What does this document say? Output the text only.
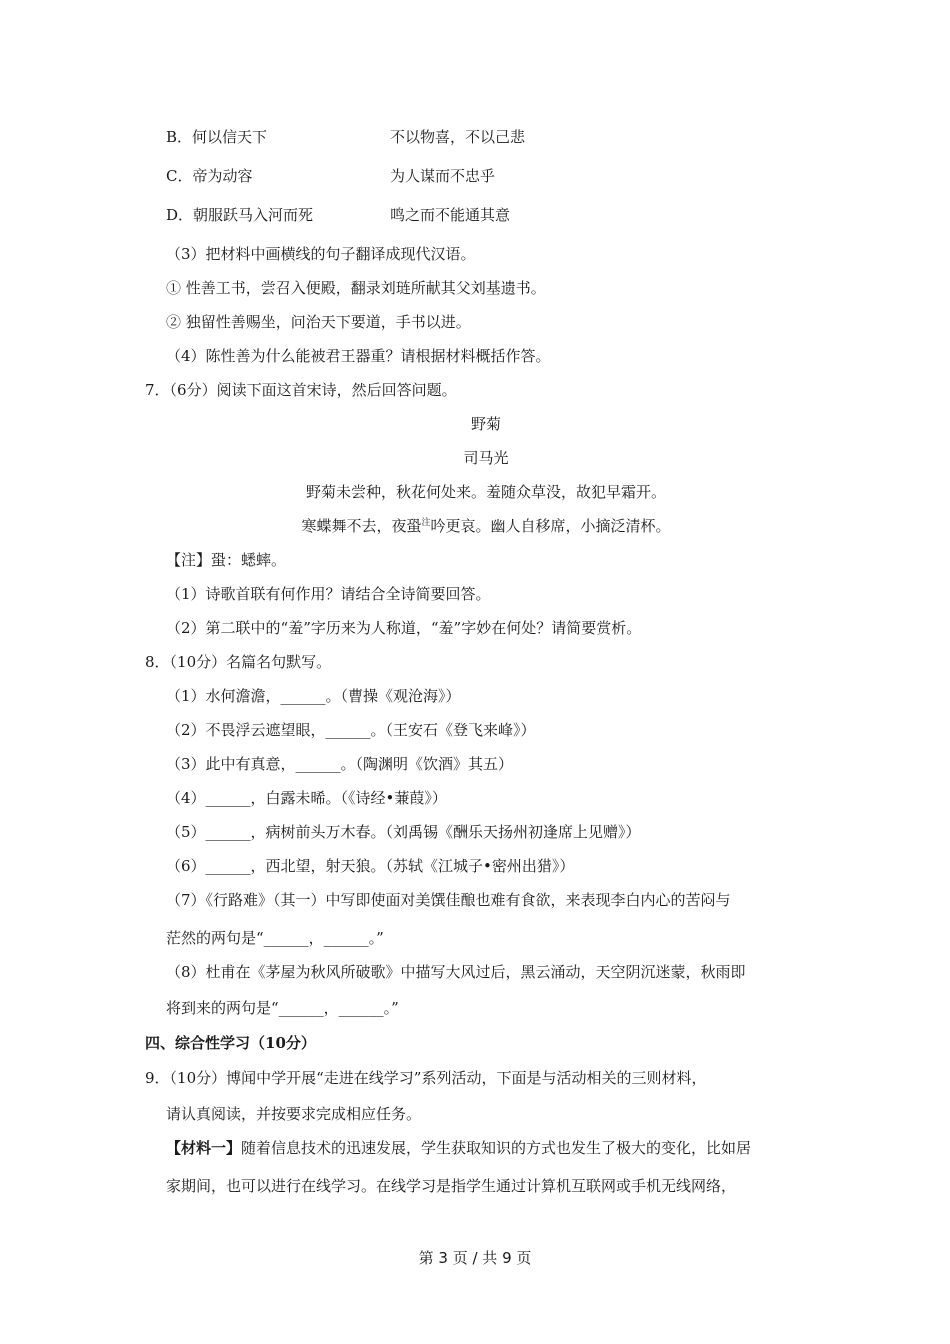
B．何以信天下	不以物喜，不以己悲
C．帝为动容	为人谋而不忠乎
D．朝服跃马入河而死	鸣之而不能通其意
（3）把材料中画横线的句子翻译成现代汉语。
① 性善工书，尝召入便殿，翻录刘琏所献其父刘基遗书。
② 独留性善赐坐，问治天下要道，手书以进。
（4）陈性善为什么能被君王器重？请根据材料概括作答。
7．（6分）阅读下面这首宋诗，然后回答问题。
野菊
司马光
野菊未尝种，秋花何处来。羞随众草没，故犯早霜开。
寒蝶舞不去，夜蛩$^注$吟更哀。幽人自移席，小摘泛清杯。
【注】蛩：蟋蟀。
（1）诗歌首联有何作用？请结合全诗简要回答。
（2）第二联中的“羞”字历来为人称道，“羞”字妙在何处？请简要赏析。
8．（10分）名篇名句默写。
（1）水何澹澹，______。（曹操《观沧海》）
（2）不畏浮云遮望眼，______。（王安石《登飞来峰》）
（3）此中有真意，______。（陶渊明《饮酒》其五）
（4）______，白露未晞。（《诗经•蒹葭》）
（5）______，病树前头万木春。（刘禹锡《酬乐天扬州初逢席上见赠》）
（6）______，西北望，射天狼。（苏轼《江城子•密州出猎》）
（7）《行路难》（其一）中写即使面对美馔佳酿也难有食欲，来表现李白内心的苦闷与
茫然的两句是“______，______。”
（8）杜甫在《茅屋为秋风所破歌》中描写大风过后，黑云涌动，天空阴沉迷蒙，秋雨即
将到来的两句是“______，______。”
四、综合性学习（10分）
9．（10分）博闻中学开展“走进在线学习”系列活动，下面是与活动相关的三则材料，
请认真阅读，并按要求完成相应任务。
【材料一】随着信息技术的迅速发展，学生获取知识的方式也发生了极大的变化，比如居
家期间，也可以进行在线学习。在线学习是指学生通过计算机互联网或手机无线网络，
第 3 页 / 共 9 页
